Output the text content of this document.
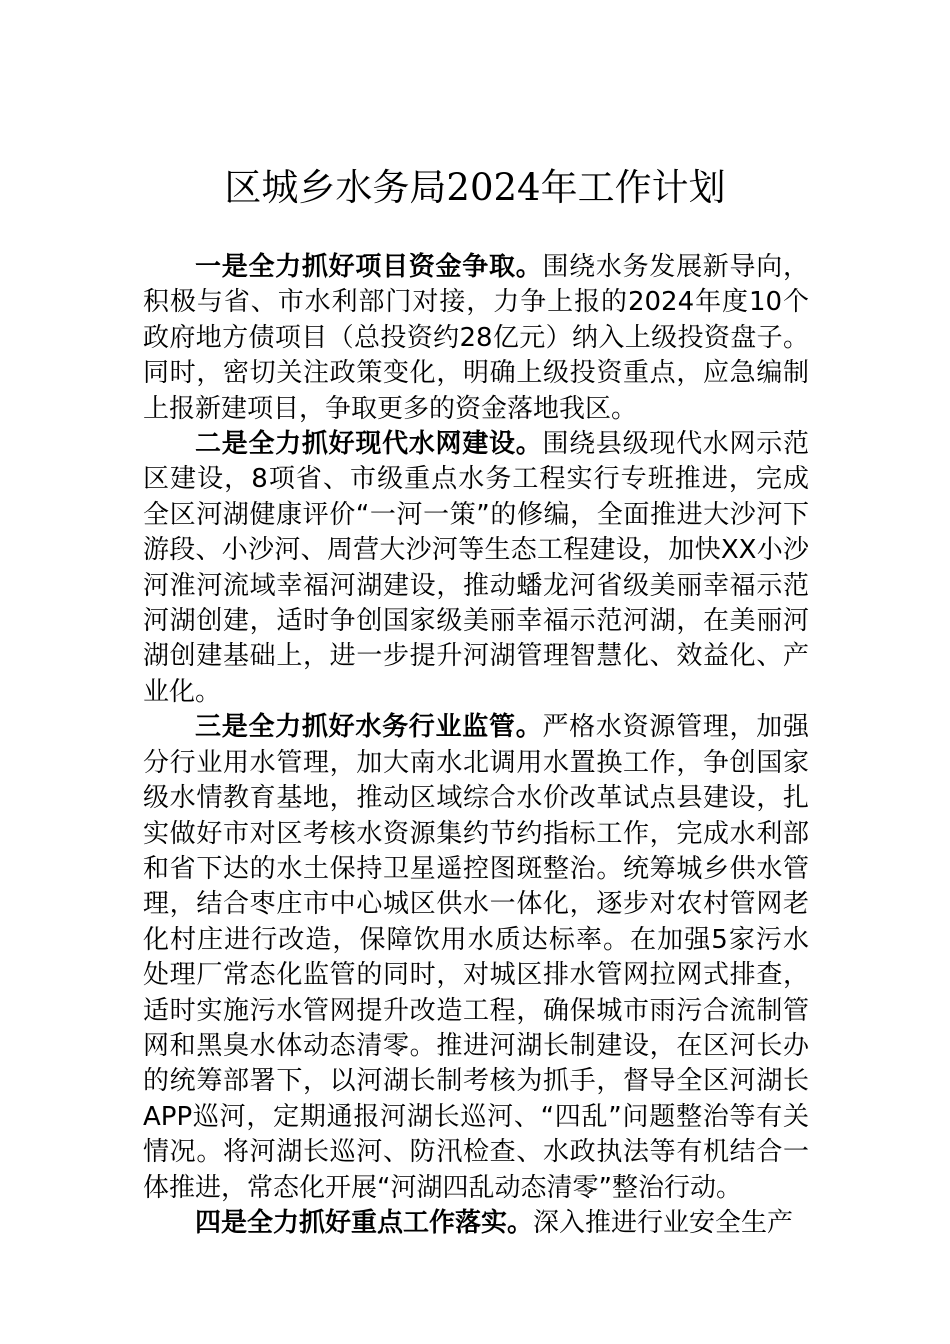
区城乡水务局2024年工作计划

一是全力抓好项目资金争取。围绕水务发展新导向，积极与省、市水利部门对接，力争上报的2024年度10个政府地方债项目（总投资约28亿元）纳入上级投资盘子。同时，密切关注政策变化，明确上级投资重点，应急编制上报新建项目，争取更多的资金落地我区。

二是全力抓好现代水网建设。围绕县级现代水网示范区建设，8项省、市级重点水务工程实行专班推进，完成全区河湖健康评价“一河一策”的修编，全面推进大沙河下游段、小沙河、周营大沙河等生态工程建设，加快XX小沙河淮河流域幸福河湖建设，推动蟠龙河省级美丽幸福示范河湖创建，适时争创国家级美丽幸福示范河湖，在美丽河湖创建基础上，进一步提升河湖管理智慧化、效益化、产业化。

三是全力抓好水务行业监管。严格水资源管理，加强分行业用水管理，加大南水北调用水置换工作，争创国家级水情教育基地，推动区域综合水价改革试点县建设，扎实做好市对区考核水资源集约节约指标工作，完成水利部和省下达的水土保持卫星遥控图斑整治。统筹城乡供水管理，结合枣庄市中心城区供水一体化，逐步对农村管网老化村庄进行改造，保障饮用水质达标率。在加强5家污水处理厂常态化监管的同时，对城区排水管网拉网式排查，适时实施污水管网提升改造工程，确保城市雨污合流制管网和黑臭水体动态清零。推进河湖长制建设，在区河长办的统筹部署下，以河湖长制考核为抓手，督导全区河湖长APP巡河，定期通报河湖长巡河、“四乱”问题整治等有关情况。将河湖长巡河、防汛检查、水政执法等有机结合一体推进，常态化开展“河湖四乱动态清零”整治行动。

四是全力抓好重点工作落实。深入推进行业安全生产
